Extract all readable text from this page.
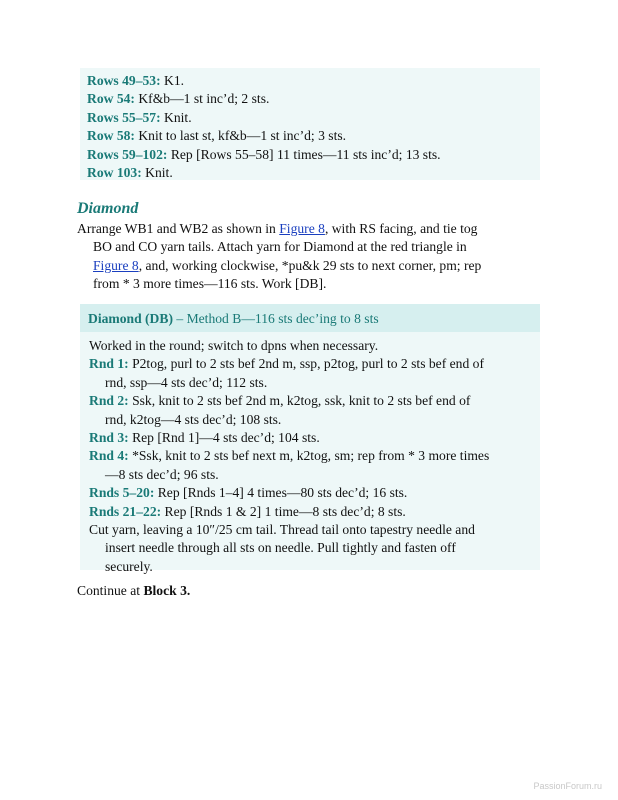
Rows 49–53: K1.
Row 54: Kf&b—1 st inc’d; 2 sts.
Rows 55–57: Knit.
Row 58: Knit to last st, kf&b—1 st inc’d; 3 sts.
Rows 59–102: Rep [Rows 55–58] 11 times—11 sts inc’d; 13 sts.
Row 103: Knit.
Diamond
Arrange WB1 and WB2 as shown in Figure 8, with RS facing, and tie tog
BO and CO yarn tails. Attach yarn for Diamond at the red triangle in
Figure 8, and, working clockwise, *pu&k 29 sts to next corner, pm; rep
from * 3 more times—116 sts. Work [DB].
Diamond (DB) – Method B—116 sts dec’ing to 8 sts
Worked in the round; switch to dpns when necessary.
Rnd 1: P2tog, purl to 2 sts bef 2nd m, ssp, p2tog, purl to 2 sts bef end of
rnd, ssp—4 sts dec’d; 112 sts.
Rnd 2: Ssk, knit to 2 sts bef 2nd m, k2tog, ssk, knit to 2 sts bef end of
rnd, k2tog—4 sts dec’d; 108 sts.
Rnd 3: Rep [Rnd 1]—4 sts dec’d; 104 sts.
Rnd 4: *Ssk, knit to 2 sts bef next m, k2tog, sm; rep from * 3 more times
—8 sts dec’d; 96 sts.
Rnds 5–20: Rep [Rnds 1–4] 4 times—80 sts dec’d; 16 sts.
Rnds 21–22: Rep [Rnds 1 & 2] 1 time—8 sts dec’d; 8 sts.
Cut yarn, leaving a 10″/25 cm tail. Thread tail onto tapestry needle and
insert needle through all sts on needle. Pull tightly and fasten off
securely.
Continue at Block 3.
PassionForum.ru
